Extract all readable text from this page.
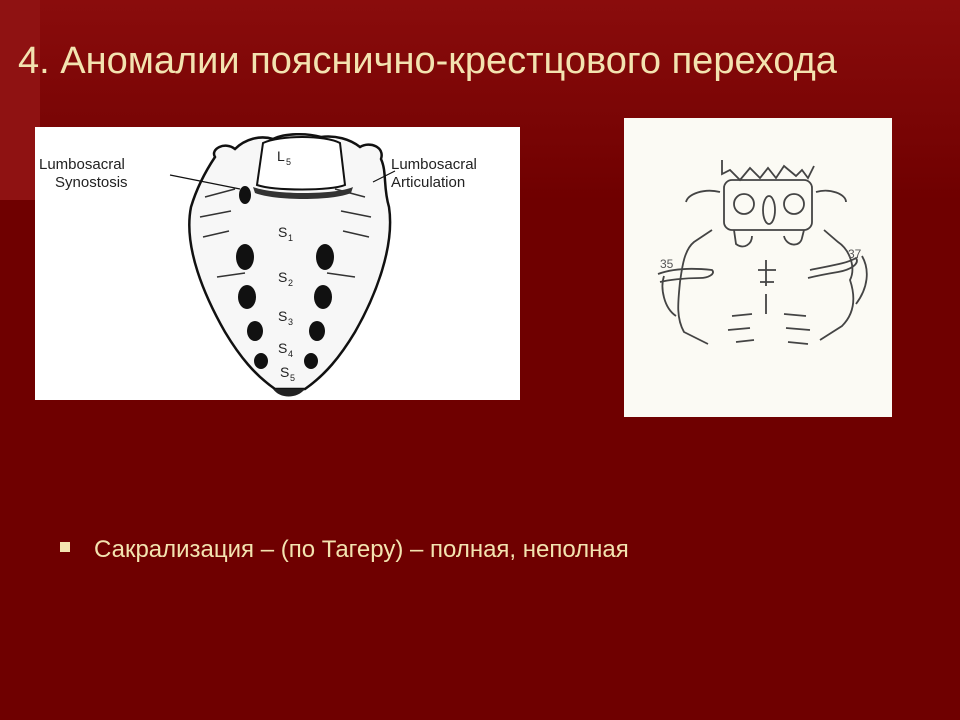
4. Аномалии пояснично-крестцового перехода
Lumbosacral
Synostosis
Lumbosacral
Articulation
L 5
S 1
S 2
S 3
S 4
S 5
35
37
Сакрализация – (по Тагеру) – полная, неполная
